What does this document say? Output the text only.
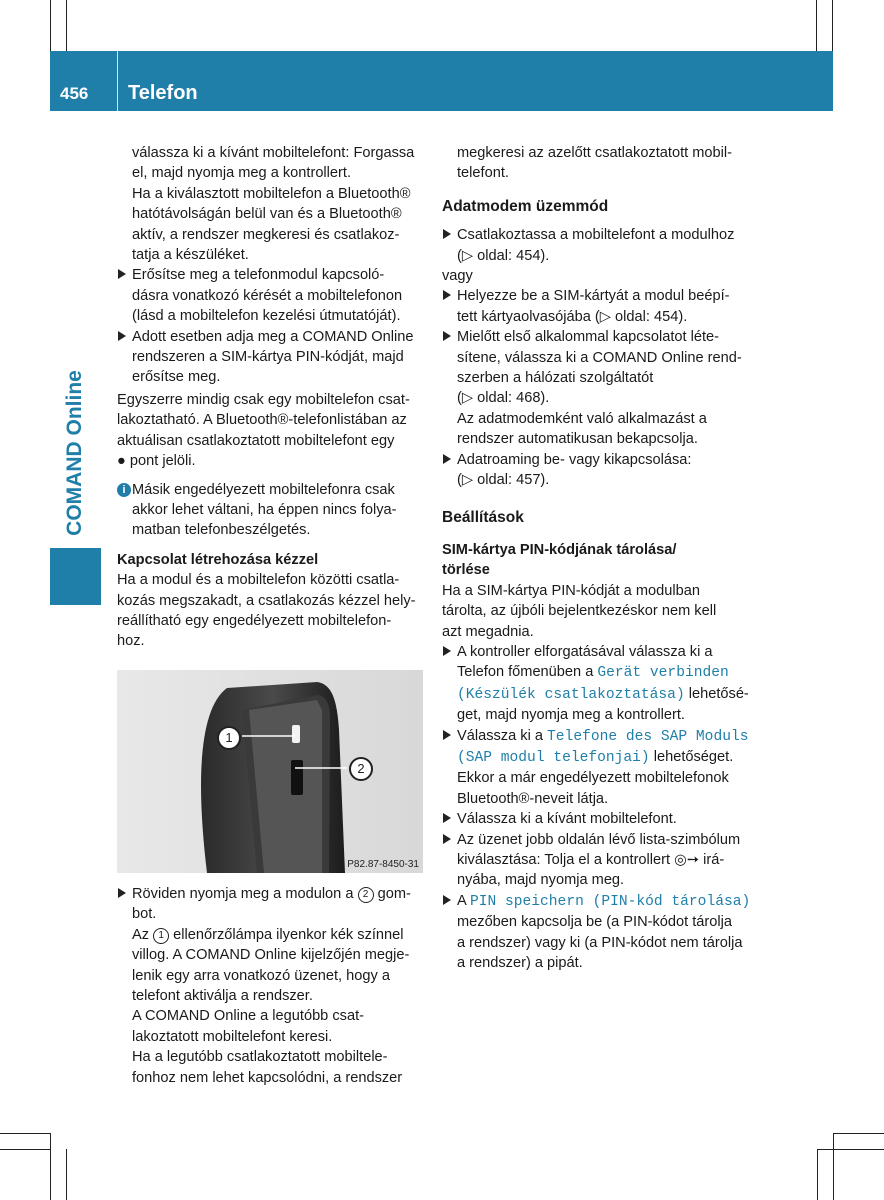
456 Telefon
COMAND Online

válassza ki a kívánt mobiltelefont: Forgassa

el, majd nyomja meg a kontrollert.

Ha a kiválasztott mobiltelefon a Bluetooth®

hatótávolságán belül van és a Bluetooth®

aktív, a rendszer megkeresi és csatlakoz-

tatja a készüléket.

Erősítse meg a telefonmodul kapcsoló-

dásra vonatkozó kérését a mobiltelefonon

(lásd a mobiltelefon kezelési útmutatóját).

Adott esetben adja meg a COMAND Online

rendszeren a SIM-kártya PIN-kódját, majd

erősítse meg.

Egyszerre mindig csak egy mobiltelefon csat-

lakoztatható. A Bluetooth®-telefonlistában az

aktuálisan csatlakoztatott mobiltelefont egy

● pont jelöli.

i Másik engedélyezett mobiltelefonra csak

akkor lehet váltani, ha éppen nincs folya-

matban telefonbeszélgetés.

Kapcsolat létrehozása kézzel

Ha a modul és a mobiltelefon közötti csatla-

kozás megszakadt, a csatlakozás kézzel hely-

reállítható egy engedélyezett mobiltelefon-

hoz.

1
2
P82.87-8450-31

Röviden nyomja meg a modulon a 2 gom-

bot.

Az 1 ellenőrzőlámpa ilyenkor kék színnel

villog. A COMAND Online kijelzőjén megje-

lenik egy arra vonatkozó üzenet, hogy a

telefont aktiválja a rendszer.

A COMAND Online a legutóbb csat-

lakoztatott mobiltelefont keresi.

Ha a legutóbb csatlakoztatott mobiltele-

fonhoz nem lehet kapcsolódni, a rendszer

megkeresi az azelőtt csatlakoztatott mobil-

telefont.

Adatmodem üzemmód

Csatlakoztassa a mobiltelefont a modulhoz

(▷ oldal: 454).

vagy

Helyezze be a SIM-kártyát a modul beépí-

tett kártyaolvasójába (▷ oldal: 454).

Mielőtt első alkalommal kapcsolatot léte-

sítene, válassza ki a COMAND Online rend-

szerben a hálózati szolgáltatót

(▷ oldal: 468).

Az adatmodemként való alkalmazást a

rendszer automatikusan bekapcsolja.

Adatroaming be- vagy kikapcsolása:

(▷ oldal: 457).

Beállítások

SIM-kártya PIN-kódjának tárolása/

törlése

Ha a SIM-kártya PIN-kódját a modulban

tárolta, az újbóli bejelentkezéskor nem kell

azt megadnia.

A kontroller elforgatásával válassza ki a

Telefon főmenüben a Gerät verbinden

(Készülék csatlakoztatása) lehetősé-

get, majd nyomja meg a kontrollert.

Válassza ki a Telefone des SAP Moduls

(SAP modul telefonjai) lehetőséget.

Ekkor a már engedélyezett mobiltelefonok

Bluetooth®-neveit látja.

Válassza ki a kívánt mobiltelefont.

Az üzenet jobb oldalán lévő lista-szimbólum

kiválasztása: Tolja el a kontrollert ◎➙ irá-

nyába, majd nyomja meg.

A PIN speichern (PIN-kód tárolása)

mezőben kapcsolja be (a PIN-kódot tárolja

a rendszer) vagy ki (a PIN-kódot nem tárolja

a rendszer) a pipát.
